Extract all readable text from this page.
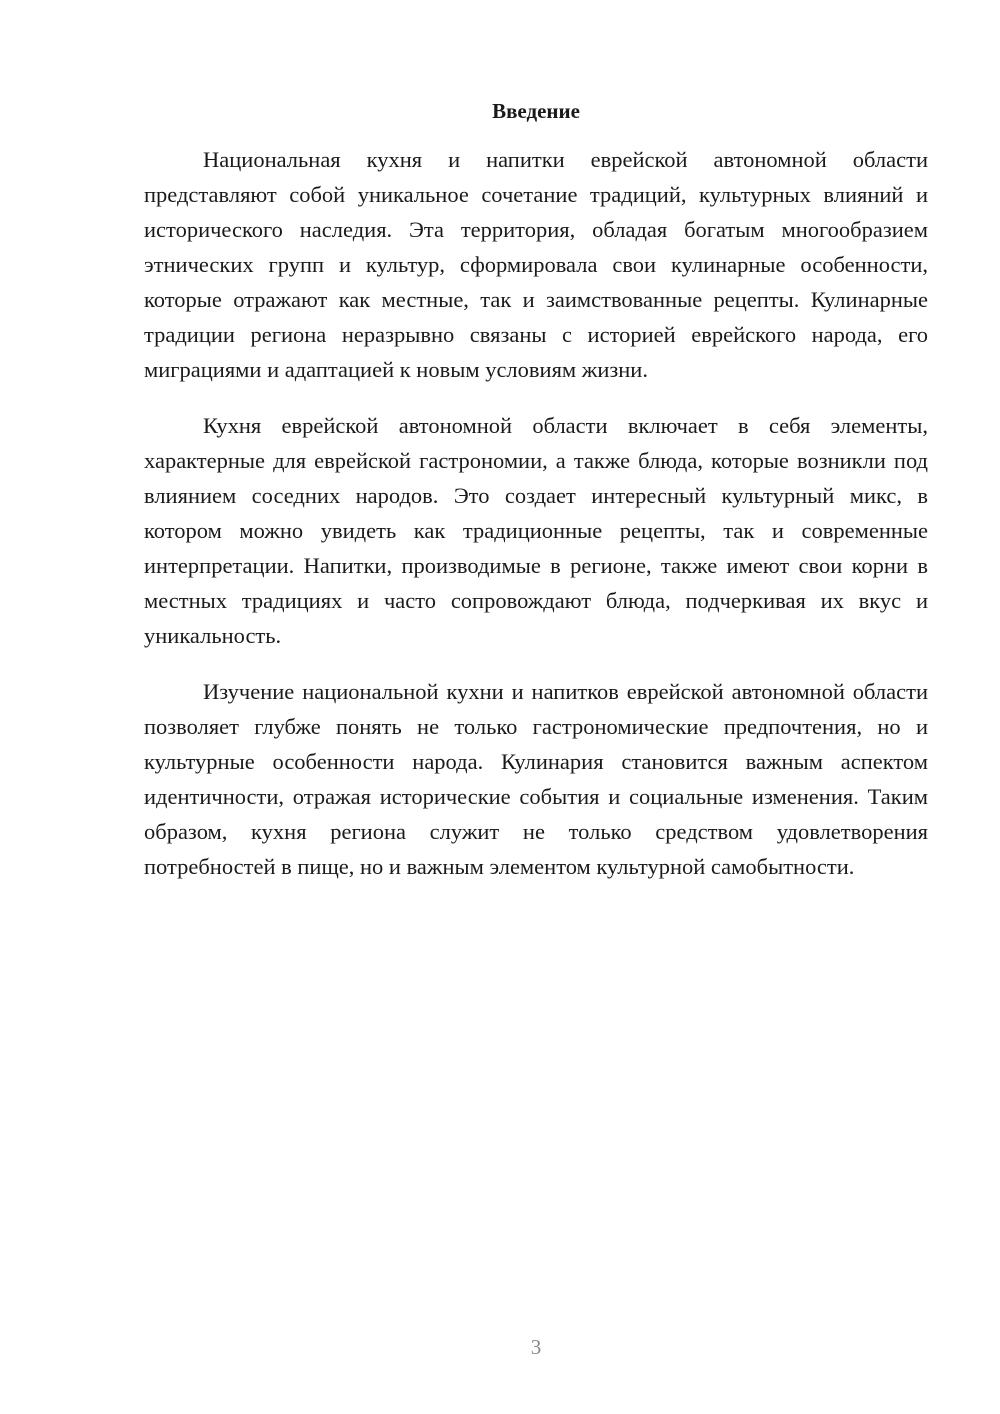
Введение

Национальная кухня и напитки еврейской автономной области представляют собой уникальное сочетание традиций, культурных влияний и исторического наследия. Эта территория, обладая богатым многообразием этнических групп и культур, сформировала свои кулинарные особенности, которые отражают как местные, так и заимствованные рецепты. Кулинарные традиции региона неразрывно связаны с историей еврейского народа, его миграциями и адаптацией к новым условиям жизни.

Кухня еврейской автономной области включает в себя элементы, характерные для еврейской гастрономии, а также блюда, которые возникли под влиянием соседних народов. Это создает интересный культурный микс, в котором можно увидеть как традиционные рецепты, так и современные интерпретации. Напитки, производимые в регионе, также имеют свои корни в местных традициях и часто сопровождают блюда, подчеркивая их вкус и уникальность.

Изучение национальной кухни и напитков еврейской автономной области позволяет глубже понять не только гастрономические предпочтения, но и культурные особенности народа. Кулинария становится важным аспектом идентичности, отражая исторические события и социальные изменения. Таким образом, кухня региона служит не только средством удовлетворения потребностей в пище, но и важным элементом культурной самобытности.

3
